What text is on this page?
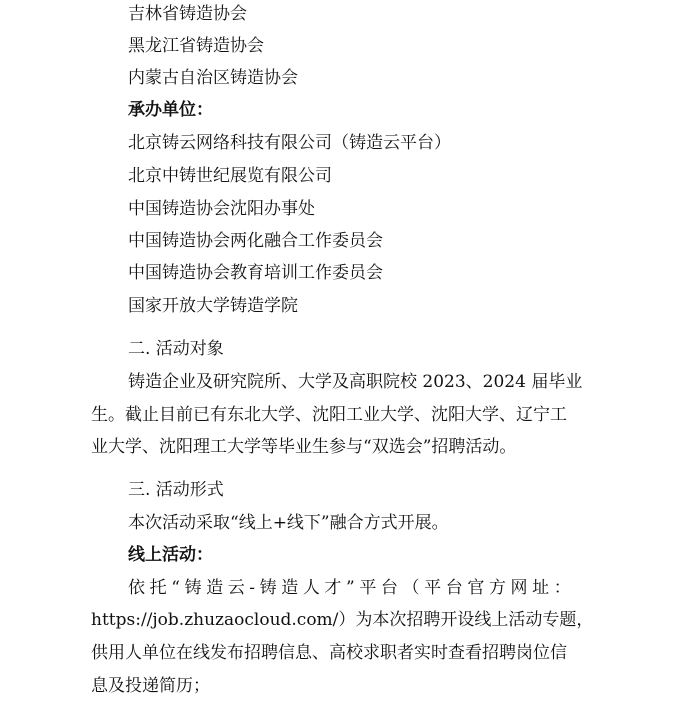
吉林省铸造协会
黑龙江省铸造协会
内蒙古自治区铸造协会
承办单位：
北京铸云网络科技有限公司（铸造云平台）
北京中铸世纪展览有限公司
中国铸造协会沈阳办事处
中国铸造协会两化融合工作委员会
中国铸造协会教育培训工作委员会
国家开放大学铸造学院
二. 活动对象
铸造企业及研究院所、大学及高职院校 2023、2024 届毕业
生。截止目前已有东北大学、沈阳工业大学、沈阳大学、辽宁工
业大学、沈阳理工大学等毕业生参与“双选会”招聘活动。
三. 活动形式
本次活动采取“线上+线下”融合方式开展。
线上活动：
依托“铸造云-铸造人才”平台（平台官方网址：
https://job.zhuzaocloud.com/）为本次招聘开设线上活动专题，
供用人单位在线发布招聘信息、高校求职者实时查看招聘岗位信
息及投递简历；
